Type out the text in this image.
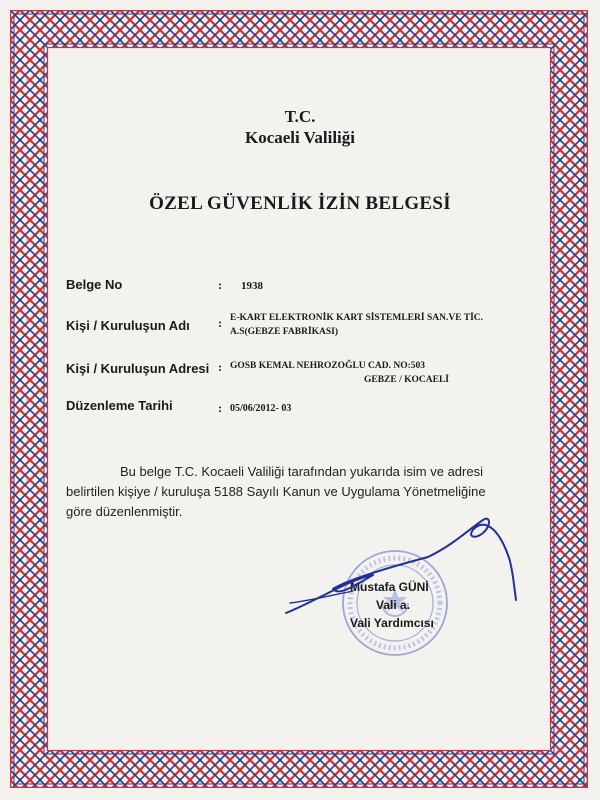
T.C.
Kocaeli Valiliği
ÖZEL GÜVENLİK İZİN BELGESİ
Belge No	: 1938
Kişi / Kuruluşun Adı : E-KART ELEKTRONİK KART SİSTEMLERİ SAN.VE TİC.
A.S(GEBZE FABRİKASI)
Kişi / Kuruluşun Adresi : GOSB KEMAL NEHROZOĞLU CAD. NO:503
GEBZE / KOCAELİ
Düzenleme Tarihi	: 05/06/2012- 03
Bu belge T.C. Kocaeli Valiliği tarafından yukarıda isim ve adresi
belirtilen kişiye / kuruluşa 5188 Sayılı Kanun ve Uygulama Yönetmeliğine
göre düzenlenmiştir.
Mustafa GÜNİ
Vali a.
Vali Yardımcısı
